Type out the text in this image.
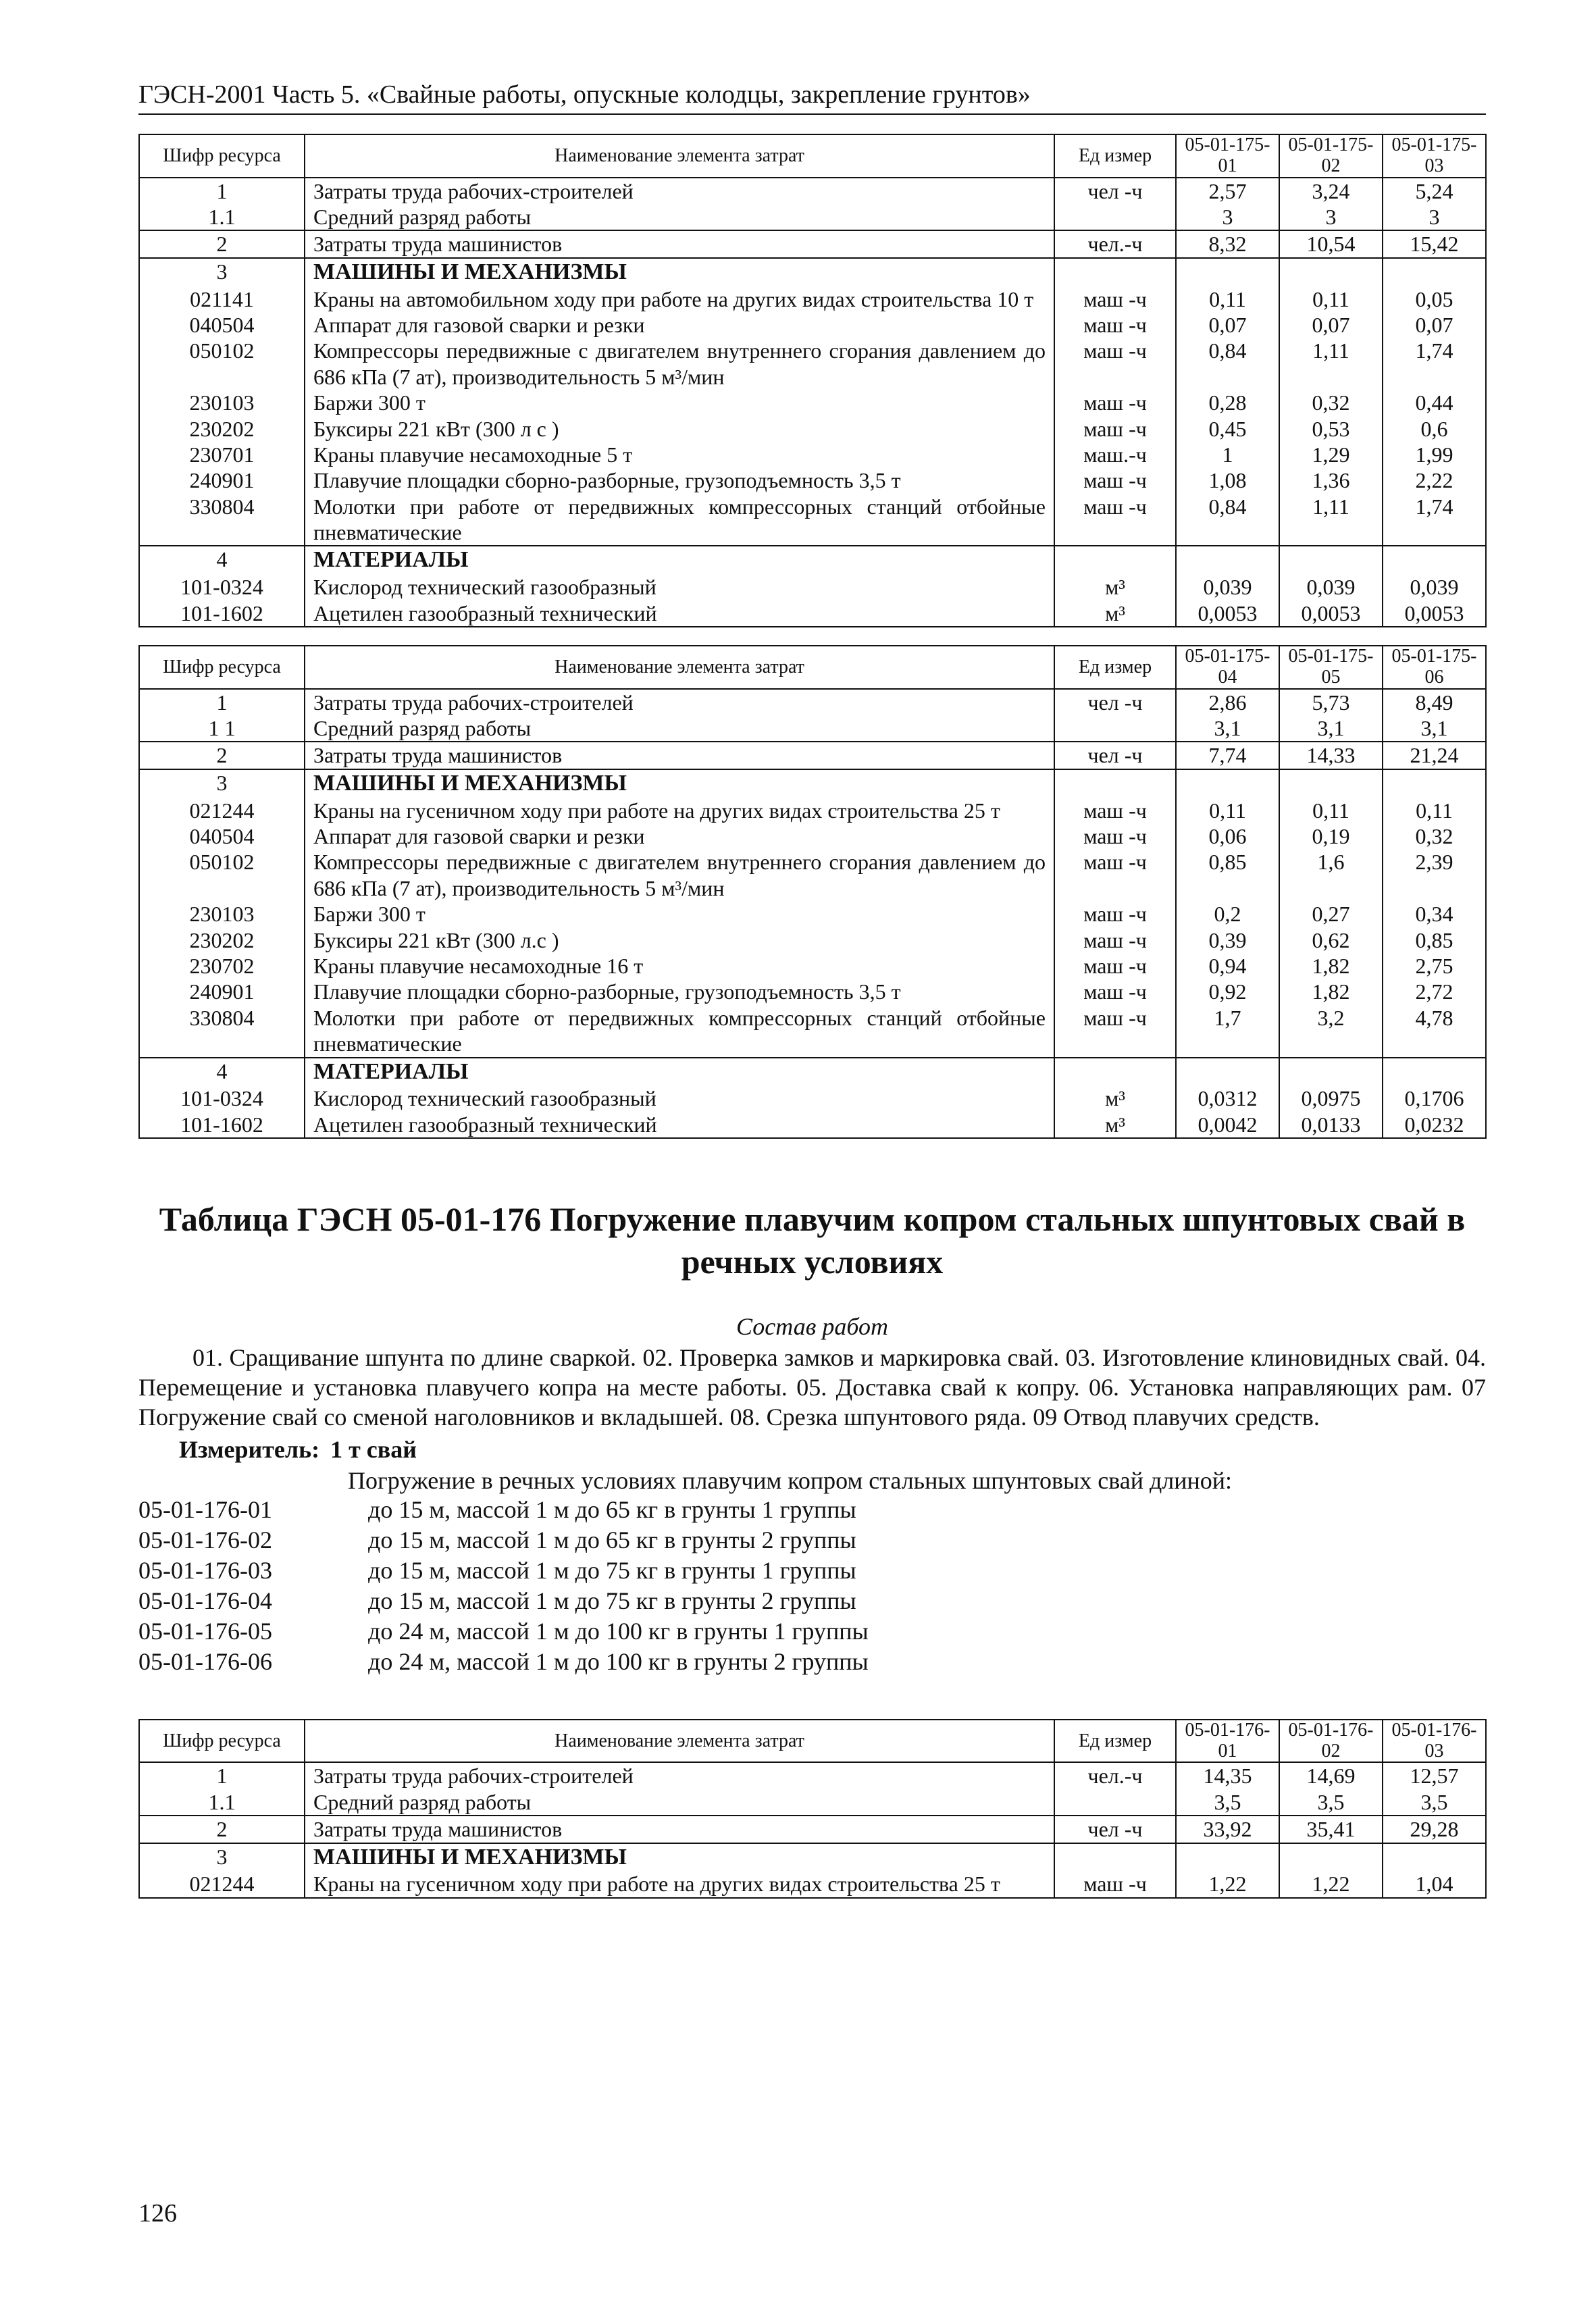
ГЭСН-2001 Часть 5. «Свайные работы, опускные колодцы, закрепление грунтов»
Шифр ресурса	Наименование элемента затрат	Ед измер	05-01-175-01	05-01-175-02	05-01-175-03
1	Затраты труда рабочих-строителей	чел -ч	2,57	3,24	5,24
1.1	Средний разряд работы		3	3	3
2	Затраты труда машинистов	чел.-ч	8,32	10,54	15,42
3	МАШИНЫ И МЕХАНИЗМЫ				
021141	Краны на автомобильном ходу при работе на других видах строительства 10 т	маш -ч	0,11	0,11	0,05
040504	Аппарат для газовой сварки и резки	маш -ч	0,07	0,07	0,07
050102	Компрессоры передвижные с двигателем внутреннего сгорания давлением до 686 кПа (7 ат), производительность 5 м³/мин	маш -ч	0,84	1,11	1,74
230103	Баржи 300 т	маш -ч	0,28	0,32	0,44
230202	Буксиры 221 кВт (300 л с )	маш -ч	0,45	0,53	0,6
230701	Краны плавучие несамоходные 5 т	маш.-ч	1	1,29	1,99
240901	Плавучие площадки сборно-разборные, грузоподъемность 3,5 т	маш -ч	1,08	1,36	2,22
330804	Молотки при работе от передвижных компрессорных станций отбойные пневматические	маш -ч	0,84	1,11	1,74
4	МАТЕРИАЛЫ				
101-0324	Кислород технический газообразный	м³	0,039	0,039	0,039
101-1602	Ацетилен газообразный технический	м³	0,0053	0,0053	0,0053
Шифр ресурса	Наименование элемента затрат	Ед измер	05-01-175-04	05-01-175-05	05-01-175-06
1	Затраты труда рабочих-строителей	чел -ч	2,86	5,73	8,49
1 1	Средний разряд работы		3,1	3,1	3,1
2	Затраты труда машинистов	чел -ч	7,74	14,33	21,24
3	МАШИНЫ И МЕХАНИЗМЫ				
021244	Краны на гусеничном ходу при работе на других видах строительства 25 т	маш -ч	0,11	0,11	0,11
040504	Аппарат для газовой сварки и резки	маш -ч	0,06	0,19	0,32
050102	Компрессоры передвижные с двигателем внутреннего сгорания давлением до 686 кПа (7 ат), производительность 5 м³/мин	маш -ч	0,85	1,6	2,39
230103	Баржи 300 т	маш -ч	0,2	0,27	0,34
230202	Буксиры 221 кВт (300 л.с )	маш -ч	0,39	0,62	0,85
230702	Краны плавучие несамоходные 16 т	маш -ч	0,94	1,82	2,75
240901	Плавучие площадки сборно-разборные, грузоподъемность 3,5 т	маш -ч	0,92	1,82	2,72
330804	Молотки при работе от передвижных компрессорных станций отбойные пневматические	маш -ч	1,7	3,2	4,78
4	МАТЕРИАЛЫ				
101-0324	Кислород технический газообразный	м³	0,0312	0,0975	0,1706
101-1602	Ацетилен газообразный технический	м³	0,0042	0,0133	0,0232
Таблица ГЭСН 05-01-176 Погружение плавучим копром стальных шпунтовых свай в речных условиях
Состав работ
01. Сращивание шпунта по длине сваркой. 02. Проверка замков и маркировка свай. 03. Изготовление клиновидных свай. 04. Перемещение и установка плавучего копра на месте работы. 05. Доставка свай к копру. 06. Установка направляющих рам. 07 Погружение свай со сменой наголовников и вкладышей. 08. Срезка шпунтового ряда. 09 Отвод плавучих средств.
Измеритель: 1 т свай
Погружение в речных условиях плавучим копром стальных шпунтовых свай длиной:
05-01-176-01	до 15 м, массой 1 м до 65 кг в грунты 1 группы
05-01-176-02	до 15 м, массой 1 м до 65 кг в грунты 2 группы
05-01-176-03	до 15 м, массой 1 м до 75 кг в грунты 1 группы
05-01-176-04	до 15 м, массой 1 м до 75 кг в грунты 2 группы
05-01-176-05	до 24 м, массой 1 м до 100 кг в грунты 1 группы
05-01-176-06	до 24 м, массой 1 м до 100 кг в грунты 2 группы
Шифр ресурса	Наименование элемента затрат	Ед измер	05-01-176-01	05-01-176-02	05-01-176-03
1	Затраты труда рабочих-строителей	чел.-ч	14,35	14,69	12,57
1.1	Средний разряд работы		3,5	3,5	3,5
2	Затраты труда машинистов	чел -ч	33,92	35,41	29,28
3	МАШИНЫ И МЕХАНИЗМЫ				
021244	Краны на гусеничном ходу при работе на других видах строительства 25 т	маш -ч	1,22	1,22	1,04
126
